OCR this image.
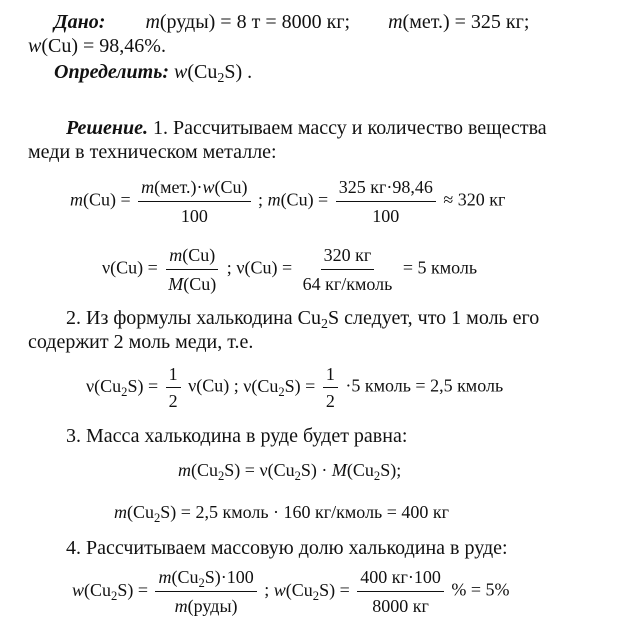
Дано: m(руды) = 8 т = 8000 кг; m(мет.) = 325 кг;
w(Cu) = 98,46%.
Определить: $w(Cu_2S)$ .
Решение. 1. Рассчитываем массу и количество вещества
меди в техническом металле:
$m(Cu) = \frac{\text{m(мет.)·w(Cu)}}{100}$ ; $m(Cu) = \frac{325 кг\cdot 98,46}{100} \approx 320$ кг
$\nu(Cu) = \frac{m(Cu)}{M(Cu)}$ ; $\nu(Cu) = \frac{320 кг}{\text{64 кг/кмоль}} = 5$ кмоль
2. Из формулы халькодина $Cu_2S$ следует, что 1 моль его
содержит 2 моль меди, т.е.
$\nu(Cu_2S) = \frac{1}{2} \nu(Cu)$ ; $\nu(Cu_2S) = \frac{1}{2} \cdot 5$ кмоль = 2,5 кмоль
3. Масса халькодина в руде будет равна:
$m(Cu_2S) = \nu(Cu_2S) \cdot M(Cu_2S)$;
$m(Cu_2S) = 2,5$ кмоль · 160 кг/кмоль = 400 кг
4. Рассчитываем массовую долю халькодина в руде:
$w(Cu_2S) = \frac{m(Cu_2S)\cdot 100}{\text{m(руды)}}$ ; $w(Cu_2S) = \frac{400 кг\cdot 100}{8000 кг}$ % = 5%
